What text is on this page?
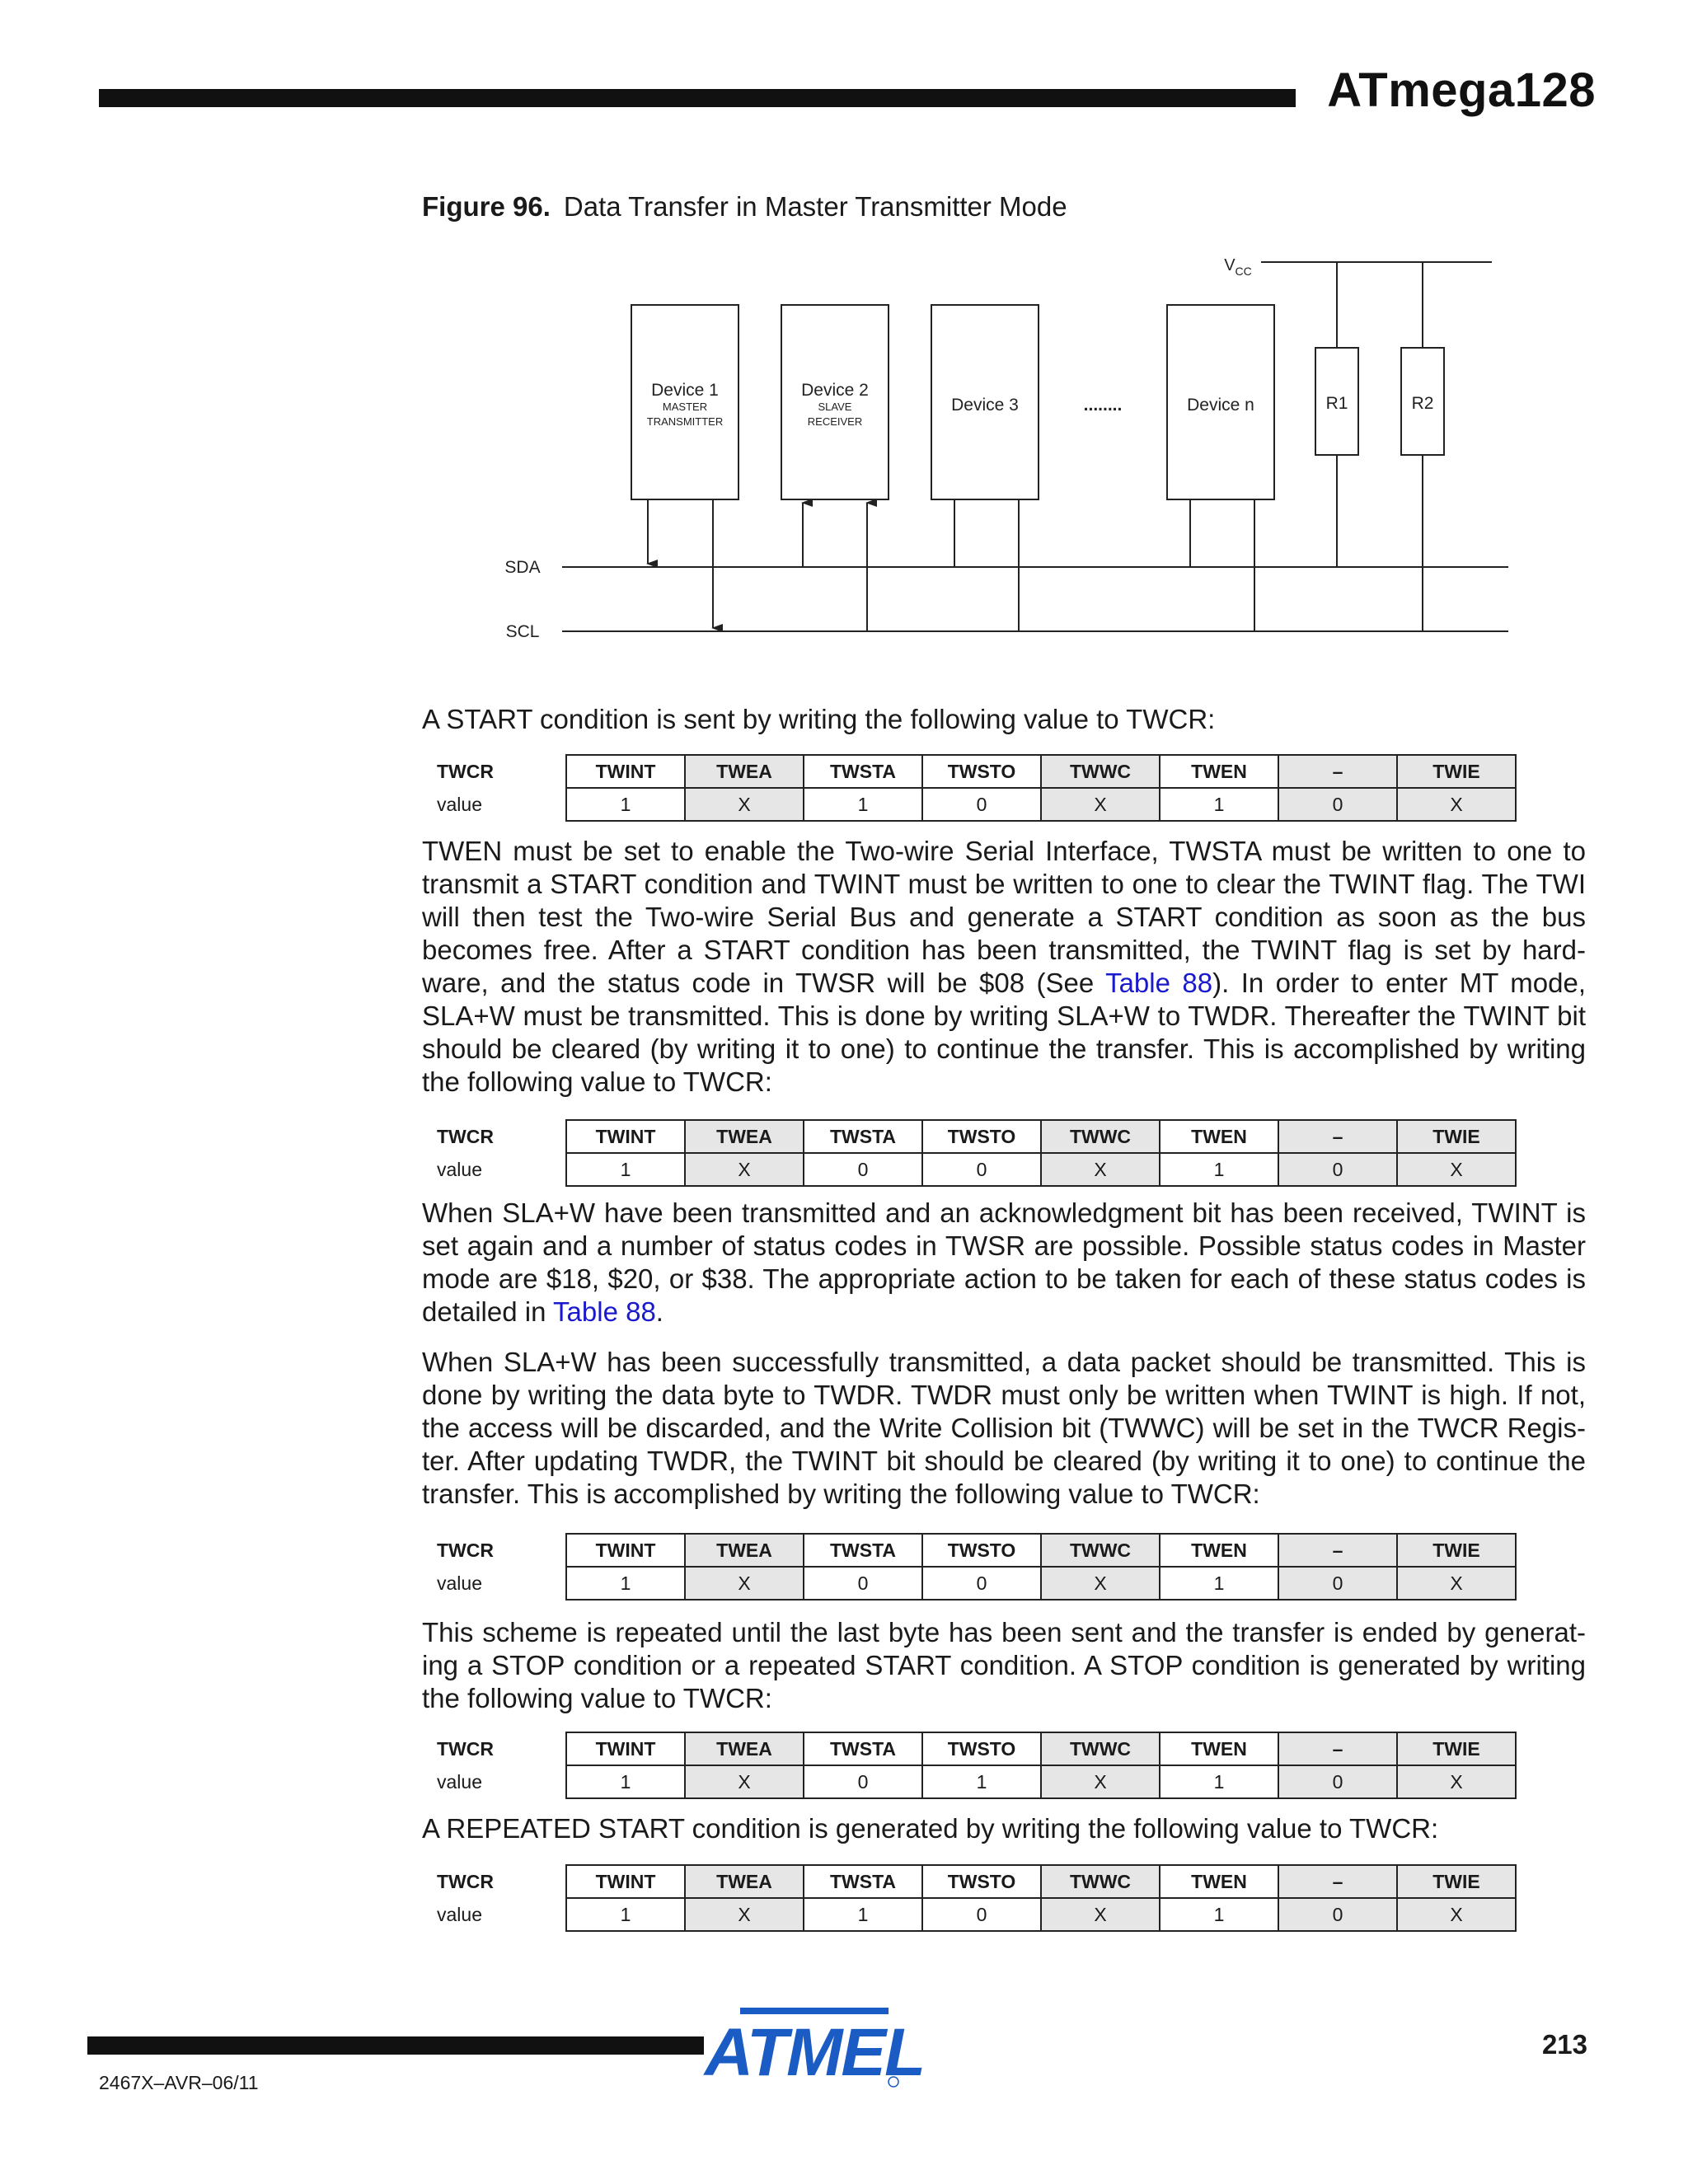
ATmega128
Figure 96. Data Transfer in Master Transmitter Mode
$V_{CC}$
Device 1
MASTER
TRANSMITTER
Device 2
SLAVE
RECEIVER
Device 3	........	Device n	R1	R2
SDA
SCL
A START condition is sent by writing the following value to TWCR:
TWCR	TWINT	TWEA	TWSTA	TWSTO	TWWC	TWEN	–	TWIE
value	1	X	1	0	X	1	0	X
TWEN must be set to enable the Two-wire Serial Interface, TWSTA must be written to one to transmit a START condition and TWINT must be written to one to clear the TWINT flag. The TWI will then test the Two-wire Serial Bus and generate a START condition as soon as the bus becomes free. After a START condition has been transmitted, the TWINT flag is set by hard-ware, and the status code in TWSR will be $08 (See Table 88). In order to enter MT mode, SLA+W must be transmitted. This is done by writing SLA+W to TWDR. Thereafter the TWINT bit should be cleared (by writing it to one) to continue the transfer. This is accomplished by writing the following value to TWCR:
TWCR	TWINT	TWEA	TWSTA	TWSTO	TWWC	TWEN	–	TWIE
value	1	X	0	0	X	1	0	X
When SLA+W have been transmitted and an acknowledgment bit has been received, TWINT is set again and a number of status codes in TWSR are possible. Possible status codes in Master mode are $18, $20, or $38. The appropriate action to be taken for each of these status codes is detailed in Table 88.
When SLA+W has been successfully transmitted, a data packet should be transmitted. This is done by writing the data byte to TWDR. TWDR must only be written when TWINT is high. If not, the access will be discarded, and the Write Collision bit (TWWC) will be set in the TWCR Regis-ter. After updating TWDR, the TWINT bit should be cleared (by writing it to one) to continue the transfer. This is accomplished by writing the following value to TWCR:
TWCR	TWINT	TWEA	TWSTA	TWSTO	TWWC	TWEN	–	TWIE
value	1	X	0	0	X	1	0	X
This scheme is repeated until the last byte has been sent and the transfer is ended by generat-ing a STOP condition or a repeated START condition. A STOP condition is generated by writing the following value to TWCR:
TWCR	TWINT	TWEA	TWSTA	TWSTO	TWWC	TWEN	–	TWIE
value	1	X	0	1	X	1	0	X
A REPEATED START condition is generated by writing the following value to TWCR:
TWCR	TWINT	TWEA	TWSTA	TWSTO	TWWC	TWEN	–	TWIE
value	1	X	1	0	X	1	0	X
ATMEL	213
2467X–AVR–06/11
